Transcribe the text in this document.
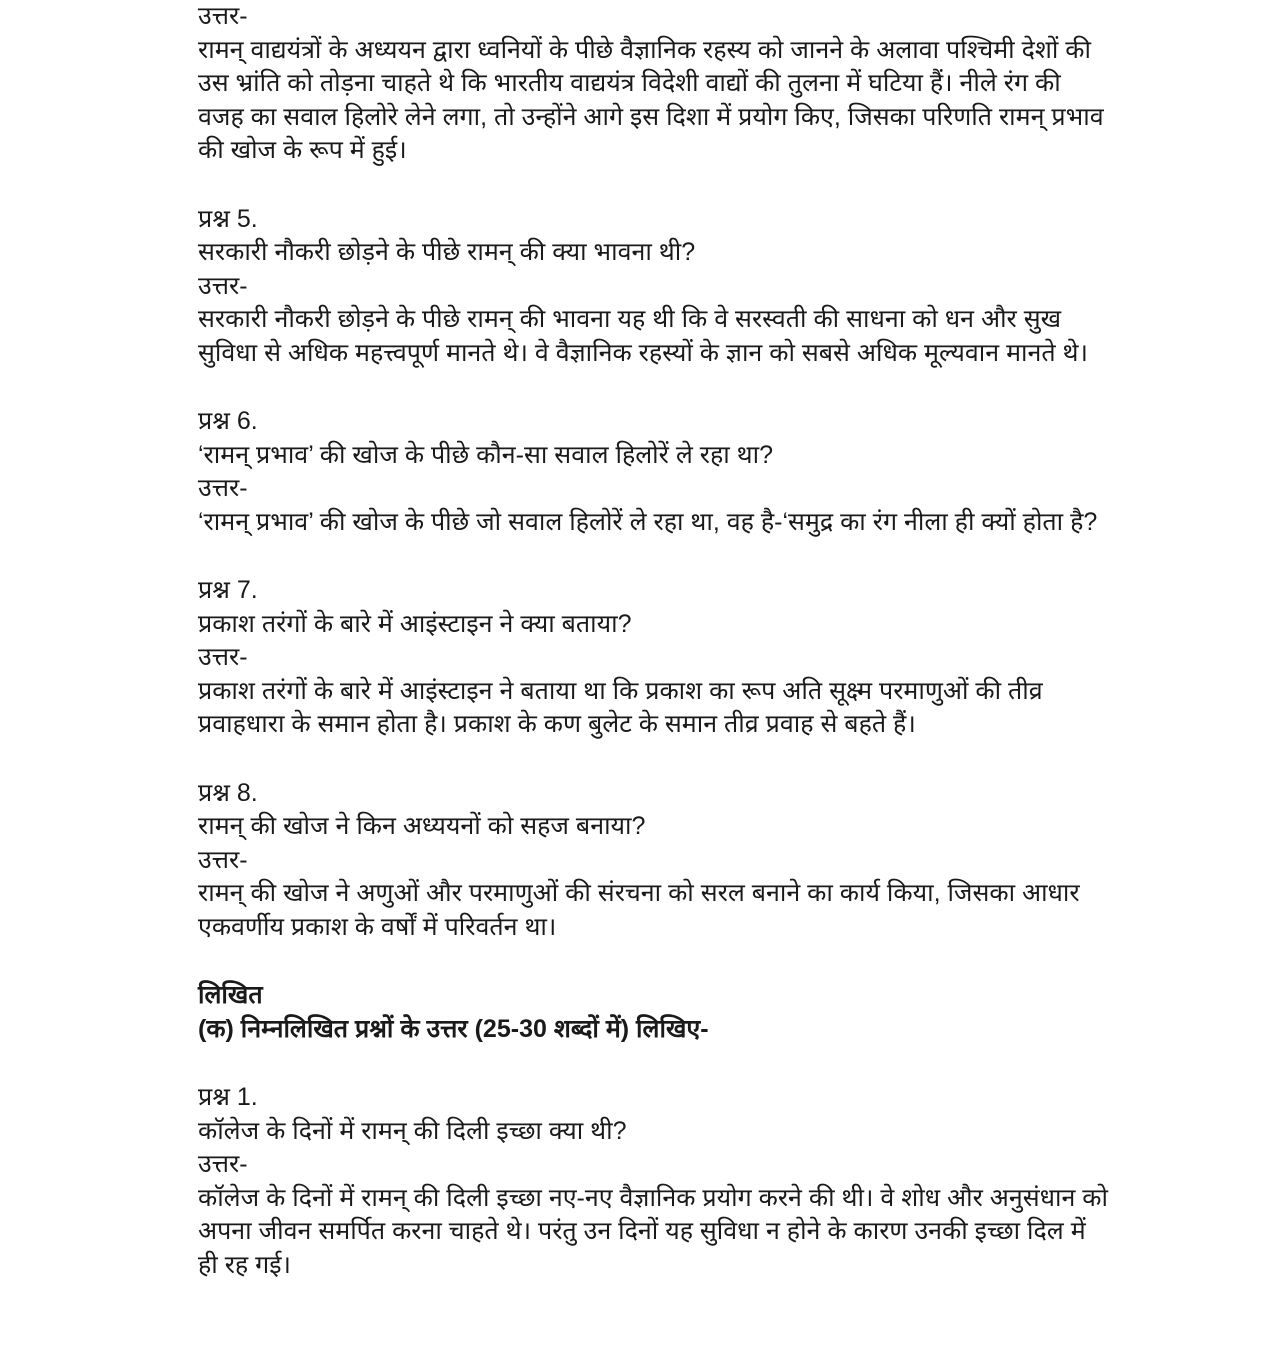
उत्तर-
रामन् वाद्ययंत्रों के अध्ययन द्वारा ध्वनियों के पीछे वैज्ञानिक रहस्य को जानने के अलावा पश्चिमी देशों की
उस भ्रांति को तोड़ना चाहते थे कि भारतीय वाद्ययंत्र विदेशी वाद्यों की तुलना में घटिया हैं। नीले रंग की
वजह का सवाल हिलोरे लेने लगा, तो उन्होंने आगे इस दिशा में प्रयोग किए, जिसका परिणति रामन् प्रभाव
की खोज के रूप में हुई।
प्रश्न 5.
सरकारी नौकरी छोड़ने के पीछे रामन् की क्या भावना थी?
उत्तर-
सरकारी नौकरी छोड़ने के पीछे रामन् की भावना यह थी कि वे सरस्वती की साधना को धन और सुख
सुविधा से अधिक महत्त्वपूर्ण मानते थे। वे वैज्ञानिक रहस्यों के ज्ञान को सबसे अधिक मूल्यवान मानते थे।
प्रश्न 6.
‘रामन् प्रभाव’ की खोज के पीछे कौन-सा सवाल हिलोरें ले रहा था?
उत्तर-
‘रामन् प्रभाव’ की खोज के पीछे जो सवाल हिलोरें ले रहा था, वह है-‘समुद्र का रंग नीला ही क्यों होता है?
प्रश्न 7.
प्रकाश तरंगों के बारे में आइंस्टाइन ने क्या बताया?
उत्तर-
प्रकाश तरंगों के बारे में आइंस्टाइन ने बताया था कि प्रकाश का रूप अति सूक्ष्म परमाणुओं की तीव्र
प्रवाहधारा के समान होता है। प्रकाश के कण बुलेट के समान तीव्र प्रवाह से बहते हैं।
प्रश्न 8.
रामन् की खोज ने किन अध्ययनों को सहज बनाया?
उत्तर-
रामन् की खोज ने अणुओं और परमाणुओं की संरचना को सरल बनाने का कार्य किया, जिसका आधार
एकवर्णीय प्रकाश के वर्षों में परिवर्तन था।
लिखित
(क) निम्नलिखित प्रश्नों के उत्तर (25-30 शब्दों में) लिखिए-
प्रश्न 1.
कॉलेज के दिनों में रामन् की दिली इच्छा क्या थी?
उत्तर-
कॉलेज के दिनों में रामन् की दिली इच्छा नए-नए वैज्ञानिक प्रयोग करने की थी। वे शोध और अनुसंधान को
अपना जीवन समर्पित करना चाहते थे। परंतु उन दिनों यह सुविधा न होने के कारण उनकी इच्छा दिल में
ही रह गई।
